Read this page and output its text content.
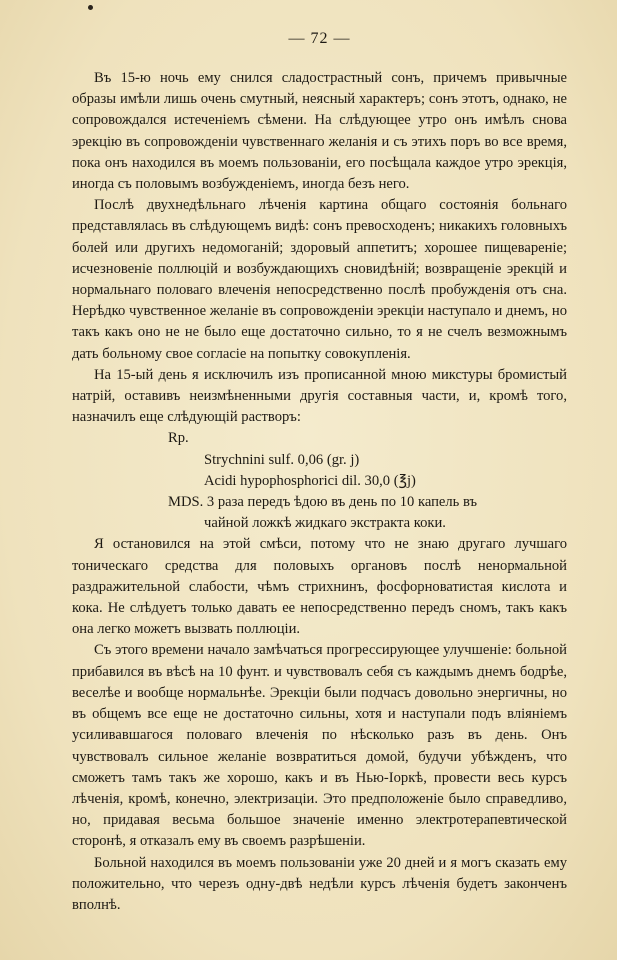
— 72 —

Въ 15-ю ночь ему снился сладострастный сонъ, причемъ привычные образы имѣли лишь очень смутный, неясный характеръ; сонъ этотъ, однако, не сопровождался истеченіемъ сѣмени. На слѣдующее утро онъ имѣлъ снова эрекцію въ сопровожденіи чувственнаго желанія и съ этихъ поръ во все время, пока онъ находился въ моемъ пользованіи, его посѣщала каждое утро эрекція, иногда съ половымъ возбужденіемъ, иногда безъ него.

Послѣ двухнедѣльнаго лѣченія картина общаго состоянія больнаго представлялась въ слѣдующемъ видѣ: сонъ превосходенъ; никакихъ головныхъ болей или другихъ недомоганій; здоровый аппетитъ; хорошее пищевареніе; исчезновеніе поллюцій и возбуждающихъ сновидѣній; возвращеніе эрекцій и нормальнаго половаго влеченія непосредственно послѣ пробужденія отъ сна. Нерѣдко чувственное желаніе въ сопровожденіи эрекціи наступало и днемъ, но такъ какъ оно не не было еще достаточно сильно, то я не счелъ везможнымъ дать больному свое согласіе на попытку совокупленія.

На 15-ый день я исключилъ изъ прописанной мною микстуры бромистый натрій, оставивъ неизмѣненными другія составныя части, и, кромѣ того, назначилъ еще слѣдующій растворъ:

Rp.

Strychnini sulf. 0,06 (gr. j)

Acidi hypophosphorici dil. 30,0 (℥j)

MDS. 3 раза передъ ѣдою въ день по 10 капель въ
чайной ложкѣ жидкаго экстракта коки.

Я остановился на этой смѣси, потому что не знаю другаго лучшаго тоническаго средства для половыхъ органовъ послѣ ненормальной раздражительной слабости, чѣмъ стрихнинъ, фосфорноватистая кислота и кока. Не слѣдуетъ только давать ее непосредственно передъ сномъ, такъ какъ она легко можетъ вызвать поллюціи.

Съ этого времени начало замѣчаться прогрессирующее улучшеніе: больной прибавился въ вѣсѣ на 10 фунт. и чувствовалъ себя съ каждымъ днемъ бодрѣе, веселѣе и вообще нормальнѣе. Эрекціи были подчасъ довольно энергичны, но въ общемъ все еще не достаточно сильны, хотя и наступали подъ вліяніемъ усиливавшагося половаго влеченія по нѣсколько разъ въ день. Онъ чувствовалъ сильное желаніе возвратиться домой, будучи убѣжденъ, что сможетъ тамъ такъ же хорошо, какъ и въ Нью-Іоркѣ, провести весь курсъ лѣченія, кромѣ, конечно, электризаціи. Это предположеніе было справедливо, но, придавая весьма большое значеніе именно электротерапевтической сторонѣ, я отказалъ ему въ своемъ разрѣшеніи.

Больной находился въ моемъ пользованіи уже 20 дней и я могъ сказать ему положительно, что черезъ одну-двѣ недѣли курсъ лѣченія будетъ законченъ вполнѣ.
